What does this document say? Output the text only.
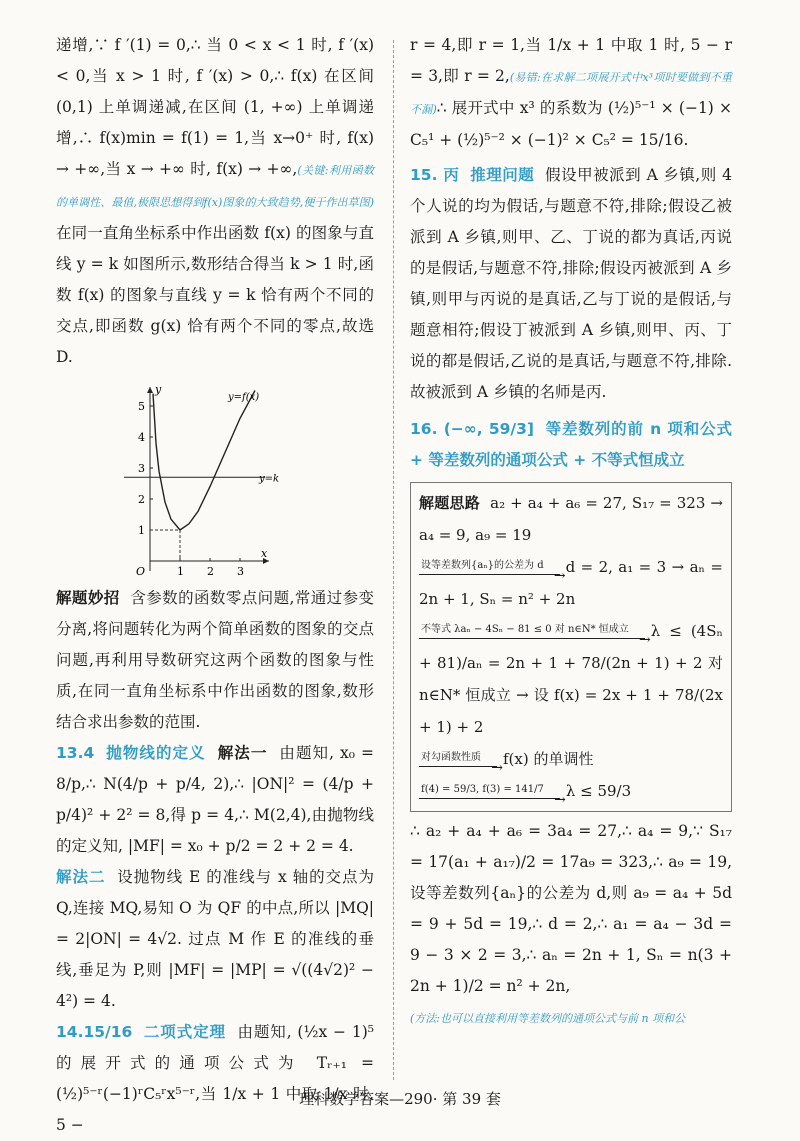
递增,∵ f ′(1) = 0,∴ 当 0 < x < 1 时, f ′(x) < 0,当 x > 1 时, f ′(x) > 0,∴ f(x) 在区间 (0,1) 上单调递减,在区间 (1, +∞) 上单调递增,∴ f(x)min = f(1) = 1,当 x→0⁺ 时, f(x) → +∞,当 x → +∞ 时, f(x) → +∞,(关键:利用函数的单调性、最值,极限思想得到f(x)图象的大致趋势,便于作出草图)在同一直角坐标系中作出函数 f(x) 的图象与直线 y = k 如图所示,数形结合得当 k > 1 时,函数 f(x) 的图象与直线 y = k 恰有两个不同的交点,即函数 g(x) 恰有两个不同的零点,故选 D.

1 2 3
1
2
3
4
5
O
x
y
y=k
y=f(x)

解题妙招 含参数的函数零点问题,常通过参变分离,将问题转化为两个简单函数的图象的交点问题,再利用导数研究这两个函数的图象与性质,在同一直角坐标系中作出函数的图象,数形结合求出参数的范围.

13.4 抛物线的定义 解法一 由题知, x₀ = 8/p,∴ N(4/p + p/4, 2),∴ |ON|² = (4/p + p/4)² + 2² = 8,得 p = 4,∴ M(2,4),由抛物线的定义知, |MF| = x₀ + p/2 = 2 + 2 = 4.

解法二 设抛物线 E 的准线与 x 轴的交点为 Q,连接 MQ,易知 O 为 QF 的中点,所以 |MQ| = 2|ON| = 4√2. 过点 M 作 E 的准线的垂线,垂足为 P,则 |MF| = |MP| = √((4√2)² − 4²) = 4.

14.15/16 二项式定理 由题知, (½x − 1)⁵ 的展开式的通项公式为 Tᵣ₊₁ = (½)⁵⁻ʳ(−1)ʳC₅ʳx⁵⁻ʳ,当 1/x + 1 中取 1/x 时, 5 −

r = 4,即 r = 1,当 1/x + 1 中取 1 时, 5 − r = 3,即 r = 2,(易错:在求解二项展开式中x³项时要做到不重不漏)∴ 展开式中 x³ 的系数为 (½)⁵⁻¹ × (−1) × C₅¹ + (½)⁵⁻² × (−1)² × C₅² = 15/16.

15. 丙 推理问题 假设甲被派到 A 乡镇,则 4 个人说的均为假话,与题意不符,排除;假设乙被派到 A 乡镇,则甲、乙、丁说的都为真话,丙说的是假话,与题意不符,排除;假设丙被派到 A 乡镇,则甲与丙说的是真话,乙与丁说的是假话,与题意相符;假设丁被派到 A 乡镇,则甲、丙、丁说的都是假话,乙说的是真话,与题意不符,排除. 故被派到 A 乡镇的名师是丙.

16. (−∞, 59/3] 等差数列的前 n 项和公式 + 等差数列的通项公式 + 不等式恒成立

解题思路 a₂ + a₄ + a₆ = 27, S₁₇ = 323 → a₄ = 9, a₉ = 19

设等差数列{aₙ}的公差为 d → d = 2, a₁ = 3 → aₙ = 2n + 1, Sₙ = n² + 2n

不等式 λaₙ − 4Sₙ − 81 ≤ 0 对 n∈N* 恒成立 → λ ≤ (4Sₙ + 81)/aₙ = 2n + 1 + 78/(2n + 1) + 2 对 n∈N* 恒成立 → 设 f(x) = 2x + 1 + 78/(2x + 1) + 2

对勾函数性质 → f(x) 的单调性

f(4) = 59/3, f(3) = 141/7 → λ ≤ 59/3

∴ a₂ + a₄ + a₆ = 3a₄ = 27,∴ a₄ = 9,∵ S₁₇ = 17(a₁ + a₁₇)/2 = 17a₉ = 323,∴ a₉ = 19,设等差数列{aₙ}的公差为 d,则 a₉ = a₄ + 5d = 9 + 5d = 19,∴ d = 2,∴ a₁ = a₄ − 3d = 9 − 3 × 2 = 3,∴ aₙ = 2n + 1, Sₙ = n(3 + 2n + 1)/2 = n² + 2n,

(方法:也可以直接利用等差数列的通项公式与前 n 项和公

理科数学答案—290· 第 39 套
